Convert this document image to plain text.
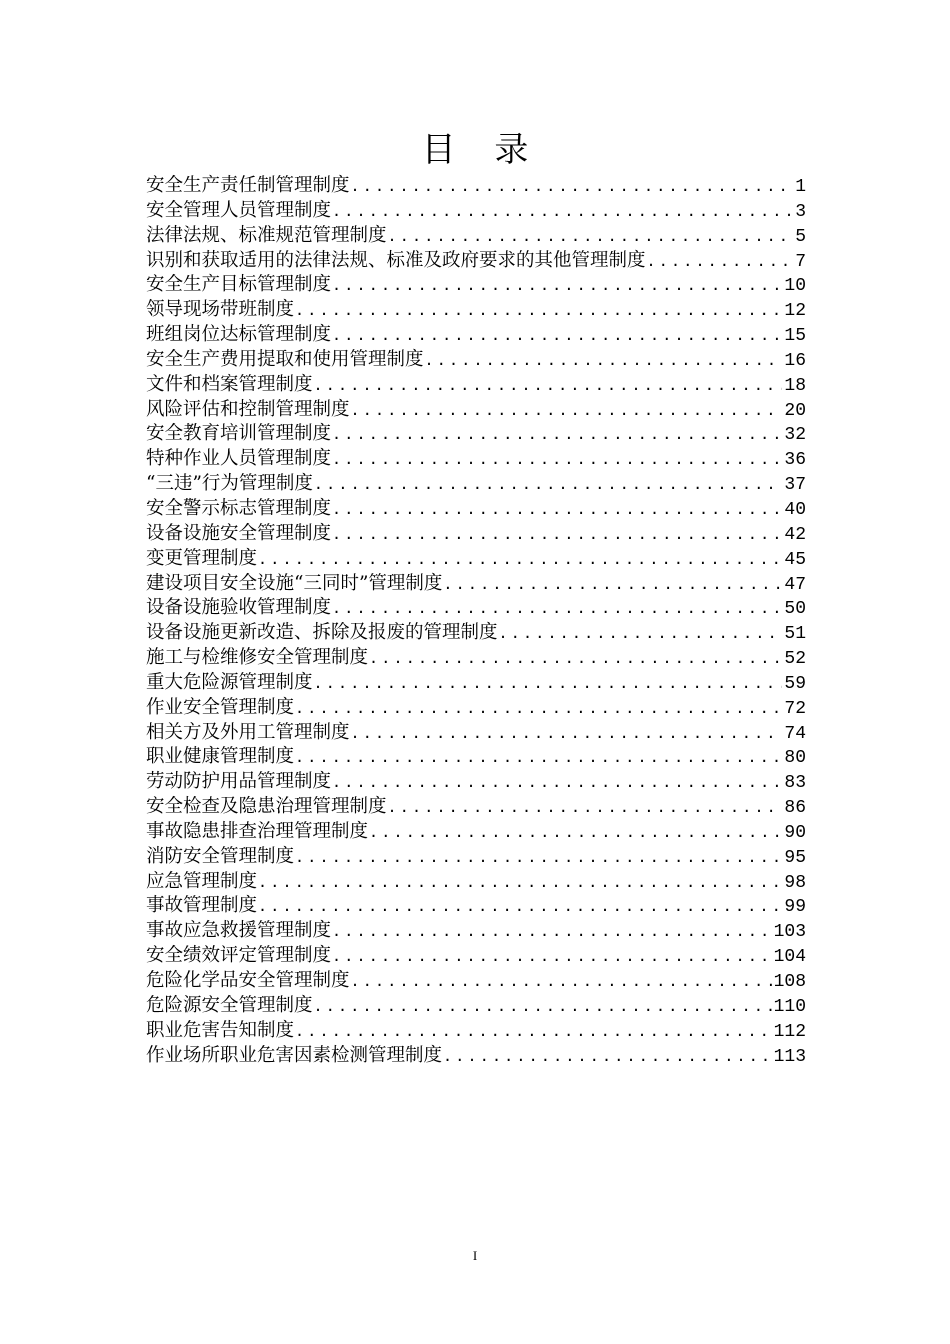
目 录
安全生产责任制管理制度 .....	1
安全管理人员管理制度 .....	3
法律法规、标准规范管理制度 .....	5
识别和获取适用的法律法规、标准及政府要求的其他管理制度 .....	7
安全生产目标管理制度 .....	10
领导现场带班制度 .....	12
班组岗位达标管理制度 .....	15
安全生产费用提取和使用管理制度 .....	16
文件和档案管理制度 .....	18
风险评估和控制管理制度 .....	20
安全教育培训管理制度 .....	32
特种作业人员管理制度 .....	36
“三违”行为管理制度 .....	37
安全警示标志管理制度 .....	40
设备设施安全管理制度 .....	42
变更管理制度 .....	45
建设项目安全设施“三同时”管理制度 .....	47
设备设施验收管理制度 .....	50
设备设施更新改造、拆除及报废的管理制度 .....	51
施工与检维修安全管理制度 .....	52
重大危险源管理制度 .....	59
作业安全管理制度 .....	72
相关方及外用工管理制度 .....	74
职业健康管理制度 .....	80
劳动防护用品管理制度 .....	83
安全检查及隐患治理管理制度 .....	86
事故隐患排查治理管理制度 .....	90
消防安全管理制度 .....	95
应急管理制度 .....	98
事故管理制度 .....	99
事故应急救援管理制度 .....	103
安全绩效评定管理制度 .....	104
危险化学品安全管理制度 .....	108
危险源安全管理制度 .....	110
职业危害告知制度 .....	112
作业场所职业危害因素检测管理制度 .....	113
I
